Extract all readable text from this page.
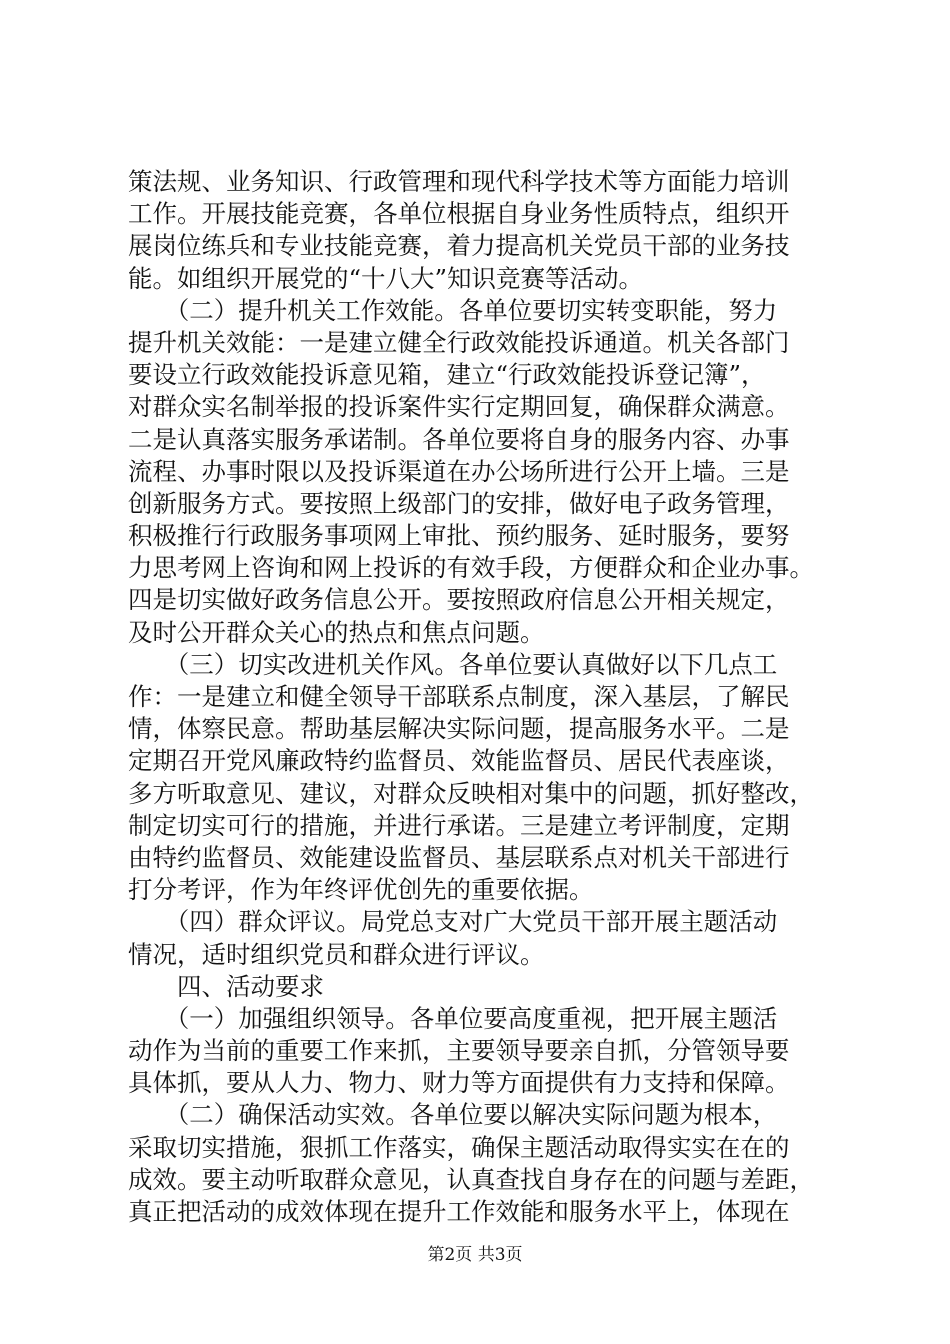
策法规、业务知识、行政管理和现代科学技术等方面能力培训
工作。开展技能竞赛，各单位根据自身业务性质特点，组织开
展岗位练兵和专业技能竞赛，着力提高机关党员干部的业务技
能。如组织开展党的“十八大”知识竞赛等活动。
　　（二）提升机关工作效能。各单位要切实转变职能，努力
提升机关效能：一是建立健全行政效能投诉通道。机关各部门
要设立行政效能投诉意见箱，建立“行政效能投诉登记簿”，
对群众实名制举报的投诉案件实行定期回复，确保群众满意。
二是认真落实服务承诺制。各单位要将自身的服务内容、办事
流程、办事时限以及投诉渠道在办公场所进行公开上墙。三是
创新服务方式。要按照上级部门的安排，做好电子政务管理，
积极推行行政服务事项网上审批、预约服务、延时服务，要努
力思考网上咨询和网上投诉的有效手段，方便群众和企业办事。
四是切实做好政务信息公开。要按照政府信息公开相关规定，
及时公开群众关心的热点和焦点问题。
　　（三）切实改进机关作风。各单位要认真做好以下几点工
作：一是建立和健全领导干部联系点制度，深入基层，了解民
情，体察民意。帮助基层解决实际问题，提高服务水平。二是
定期召开党风廉政特约监督员、效能监督员、居民代表座谈，
多方听取意见、建议，对群众反映相对集中的问题，抓好整改，
制定切实可行的措施，并进行承诺。三是建立考评制度，定期
由特约监督员、效能建设监督员、基层联系点对机关干部进行
打分考评，作为年终评优创先的重要依据。
　　（四）群众评议。局党总支对广大党员干部开展主题活动
情况，适时组织党员和群众进行评议。
　　四、活动要求
　　（一）加强组织领导。各单位要高度重视，把开展主题活
动作为当前的重要工作来抓，主要领导要亲自抓，分管领导要
具体抓，要从人力、物力、财力等方面提供有力支持和保障。
　　（二）确保活动实效。各单位要以解决实际问题为根本，
采取切实措施，狠抓工作落实，确保主题活动取得实实在在的
成效。要主动听取群众意见，认真查找自身存在的问题与差距，
真正把活动的成效体现在提升工作效能和服务水平上，体现在
第2页 共3页
